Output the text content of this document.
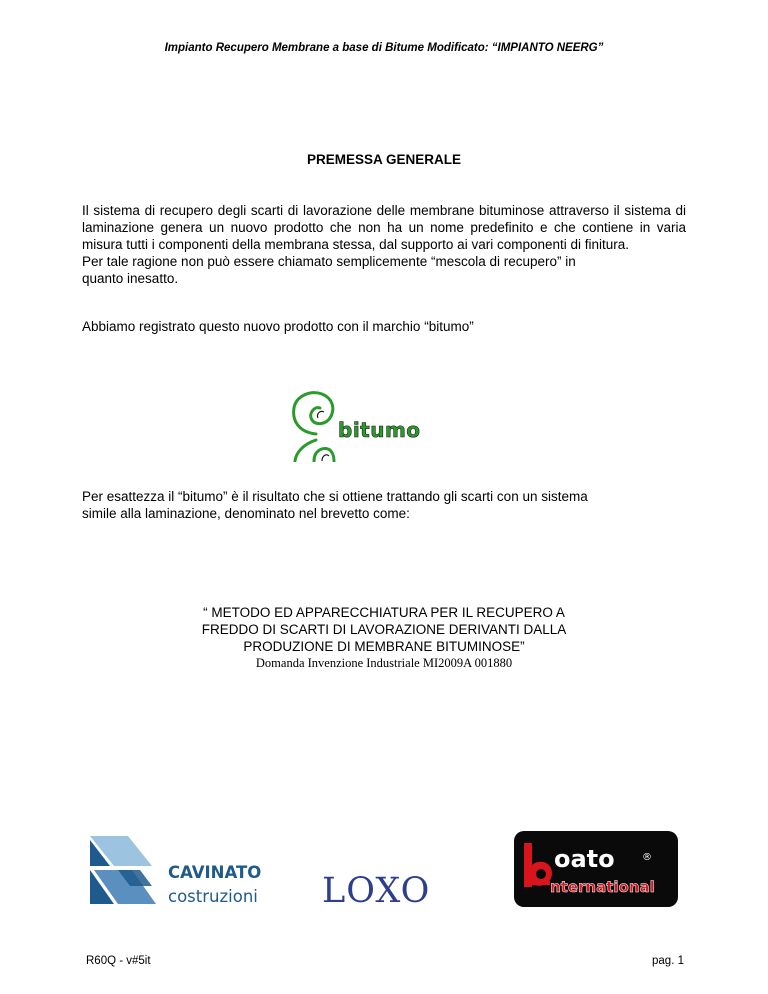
Impianto Recupero Membrane a base di Bitume Modificato: “IMPIANTO NEERG”
PREMESSA GENERALE

Il sistema di recupero degli scarti di lavorazione delle membrane bituminose attraverso il sistema di laminazione genera un nuovo prodotto che non ha un nome predefinito e che contiene in varia misura tutti i componenti della membrana stessa, dal supporto ai vari componenti di finitura.

Per tale ragione non può essere chiamato semplicemente “mescola di recupero” in

quanto inesatto.

Abbiamo registrato questo nuovo prodotto con il marchio “bitumo”
bitumo

Per esattezza il “bitumo” è il risultato che si ottiene trattando gli scarti con un sistema

simile alla laminazione, denominato nel brevetto come:

“ METODO ED APPARECCHIATURA PER IL RECUPERO A
FREDDO DI SCARTI DI LAVORAZIONE DERIVANTI DALLA
PRODUZIONE DI MEMBRANE BITUMINOSE”
Domanda Invenzione Industriale MI2009A 001880
CAVINATO
costruzioni LOXO
oato	®
nternational
R60Q - v#5it	pag. 1
